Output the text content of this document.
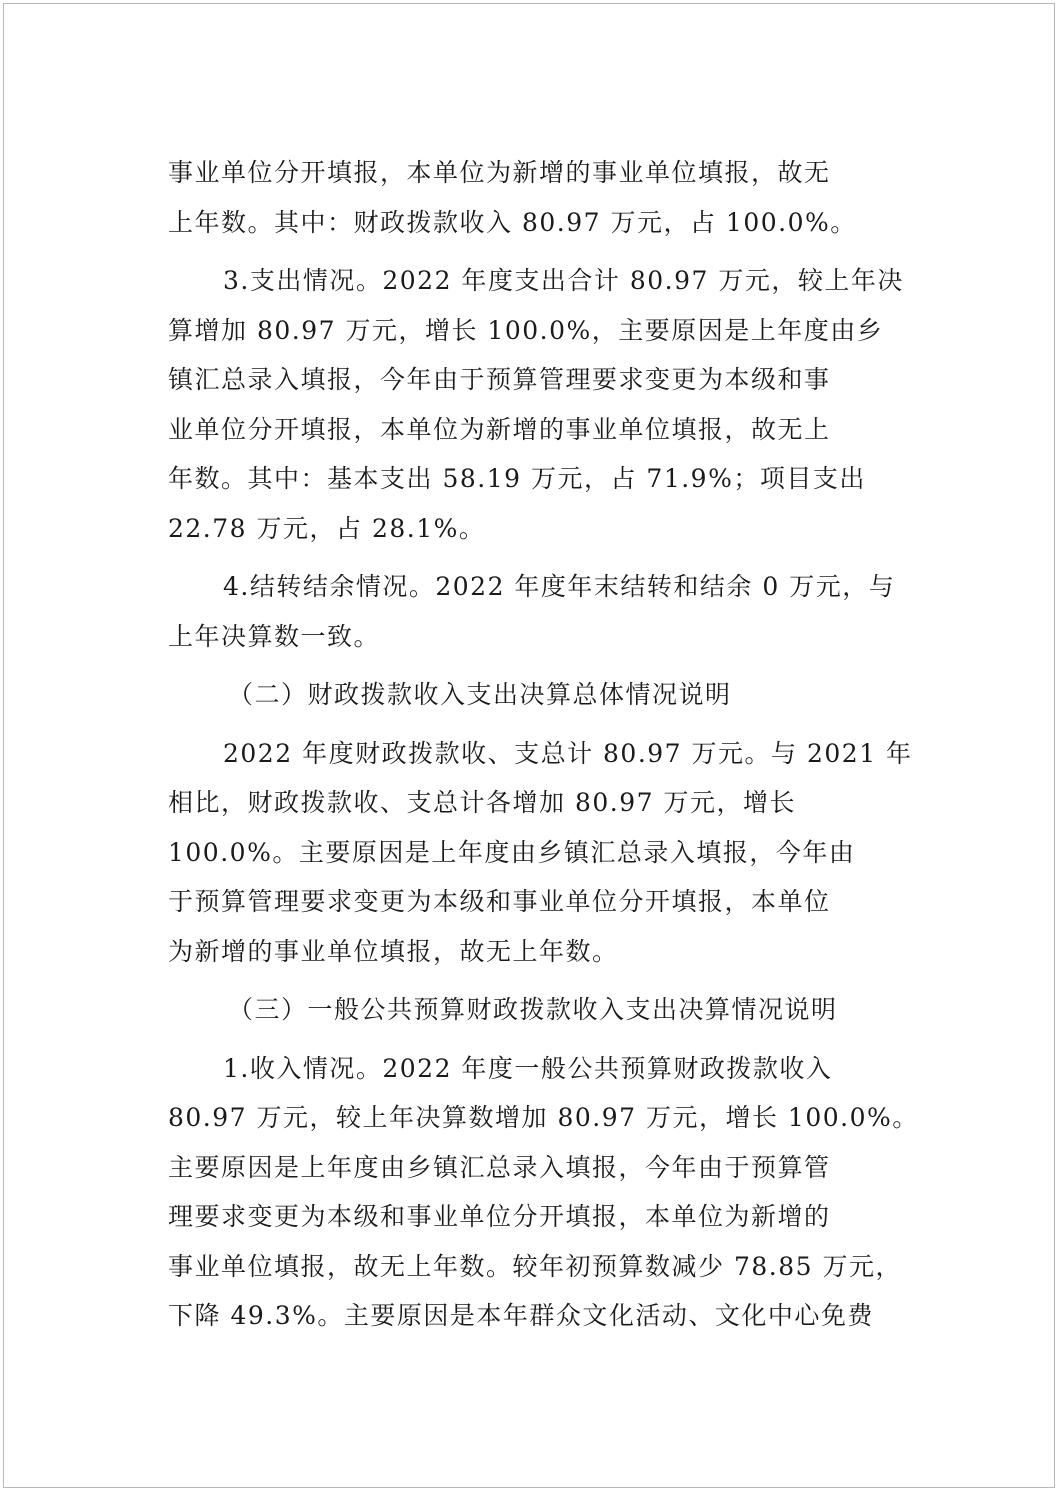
事业单位分开填报，本单位为新增的事业单位填报，故无
上年数。其中：财政拨款收入 80.97 万元，占 100.0%。
3.支出情况。2022 年度支出合计 80.97 万元，较上年决
算增加 80.97 万元，增长 100.0%，主要原因是上年度由乡
镇汇总录入填报，今年由于预算管理要求变更为本级和事
业单位分开填报，本单位为新增的事业单位填报，故无上
年数。其中：基本支出 58.19 万元，占 71.9%；项目支出
22.78 万元，占 28.1%。
4.结转结余情况。2022 年度年末结转和结余 0 万元，与
上年决算数一致。
（二）财政拨款收入支出决算总体情况说明
2022 年度财政拨款收、支总计 80.97 万元。与 2021 年
相比，财政拨款收、支总计各增加 80.97 万元，增长
100.0%。主要原因是上年度由乡镇汇总录入填报，今年由
于预算管理要求变更为本级和事业单位分开填报，本单位
为新增的事业单位填报，故无上年数。
（三）一般公共预算财政拨款收入支出决算情况说明
1.收入情况。2022 年度一般公共预算财政拨款收入
80.97 万元，较上年决算数增加 80.97 万元，增长 100.0%。
主要原因是上年度由乡镇汇总录入填报，今年由于预算管
理要求变更为本级和事业单位分开填报，本单位为新增的
事业单位填报，故无上年数。较年初预算数减少 78.85 万元，
下降 49.3%。主要原因是本年群众文化活动、文化中心免费
